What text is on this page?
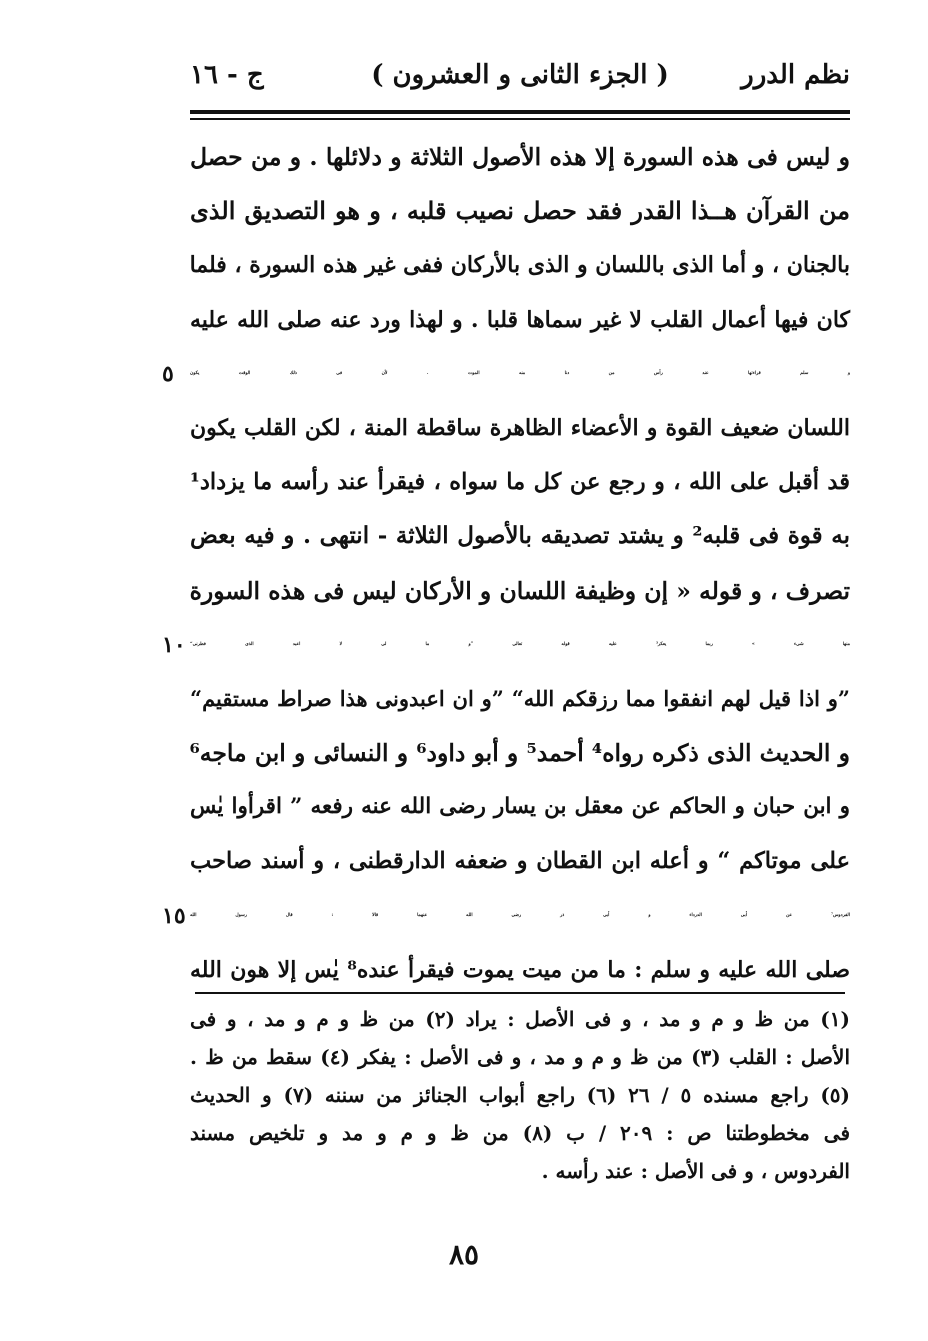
نظم الدرر
( الجزء الثانى و العشرون )
ج - ١٦
و ليس فى هذه السورة إلا هذه الأصول الثلاثة و دلائلها . و من حصل
من القرآن هــذا القدر فقد حصل نصيب قلبه ، و هو التصديق الذى
بالجنان ، و أما الذى باللسان و الذى بالأركان ففى غير هذه السورة ، فلما
كان فيها أعمال القلب لا غير سماها قلبا . و لهذا ورد عنه صلى الله عليه
و سلم قراءتها عند رأس من دنا منه الموت . لأن فى ذلك الوقت يكون
٥
اللسان ضعيف القوة و الأعضاء الظاهرة ساقطة المنة ، لكن القلب يكون
قد أقبل على الله ، و رجع عن كل ما سواه ، فيقرأ عند رأسه ما يزداد¹
به قوة فى قلبه² و يشتد تصديقه بالأصول الثلاثة - انتهى . و فيه بعض
تصرف ، و قوله « إن وظيفة اللسان و الأركان ليس فى هذه السورة
منها شىء » ربما يعكر³ عليه قوله تعالى ”و ما لى لا اعبد الذى فطرنى“
١٠
”و اذا قيل لهم انفقوا مما رزقكم الله“ ”و ان اعبدونى هذا صراط مستقيم“
و الحديث الذى ذكره رواه⁴ أحمد⁵ و أبو داود⁶ و النسائى و ابن ماجه⁶
و ابن حبان و الحاكم عن معقل بن يسار رضى الله عنه رفعه ” اقرأوا يٰس
على موتاكم “ و أعله ابن القطان و ضعفه الدارقطنى ، و أسند صاحب
الفردوس⁷ عن أبى الدرداء و أبى ذر رضى الله عنهما قالا : قال رسول الله
١٥
صلى الله عليه و سلم : ما من ميت يموت فيقرأ عنده⁸ يٰس إلا هون الله
(١) من ظ و م و مد ، و فى الأصل : يراد (٢) من ظ و م و مد ، و فى
الأصل : القلب (٣) من ظ و م و مد ، و فى الأصل : يفكر (٤) سقط من ظ .
(٥) راجع مسنده ٥ / ٢٦ (٦) راجع أبواب الجنائز من سننه (٧) و الحديث
فى مخطوطتنا ص : ٢٠٩ / ب (٨) من ظ و م و مد و تلخيص مسند
الفردوس ، و فى الأصل : عند رأسه .
٨٥
